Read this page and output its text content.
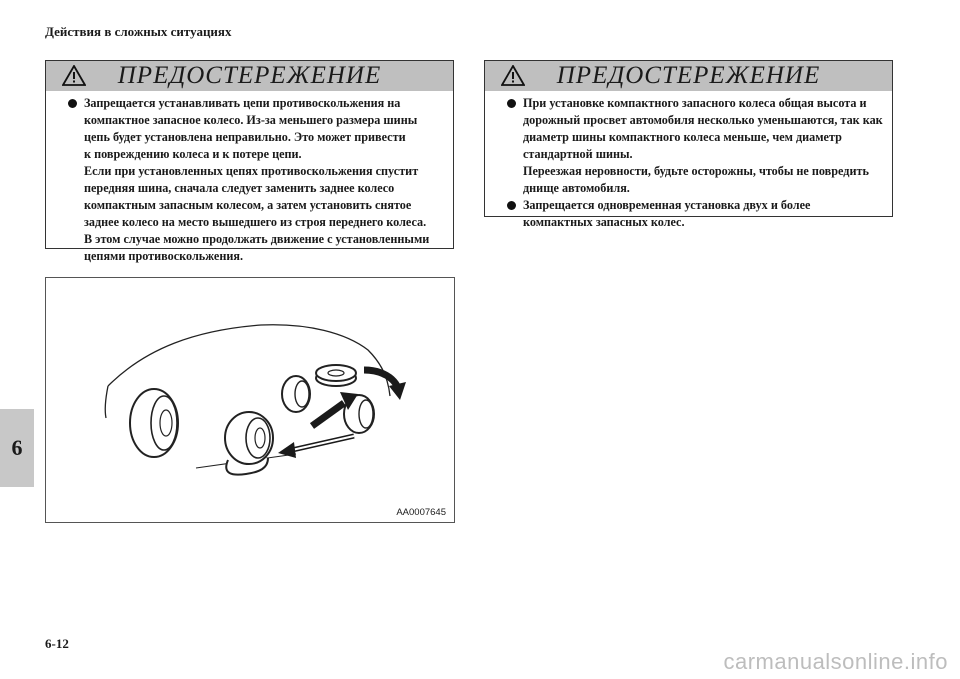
Действия в сложных ситуациях
6
ПРЕДОСТЕРЕЖЕНИЕ

Запрещается устанавливать цепи противоскольжения на

компактное запасное колесо. Из-за меньшего размера шины

цепь будет установлена неправильно. Это может привести

к повреждению колеса и к потере цепи.

Если при установленных цепях противоскольжения спустит

передняя шина, сначала следует заменить заднее колесо

компактным запасным колесом, а затем установить снятое

заднее колесо на место вышедшего из строя переднего колеса.

В этом случае можно продолжать движение с установленными

цепями противоскольжения.

ПРЕДОСТЕРЕЖЕНИЕ

При установке компактного запасного колеса общая высота и

дорожный просвет автомобиля несколько уменьшаются, так как

диаметр шины компактного колеса меньше, чем диаметр

стандартной шины.

Переезжая неровности, будьте осторожны, чтобы не повредить

днище автомобиля.

Запрещается одновременная установка двух и более

компактных запасных колес.

AA0007645
6-12
carmanualsonline.info
